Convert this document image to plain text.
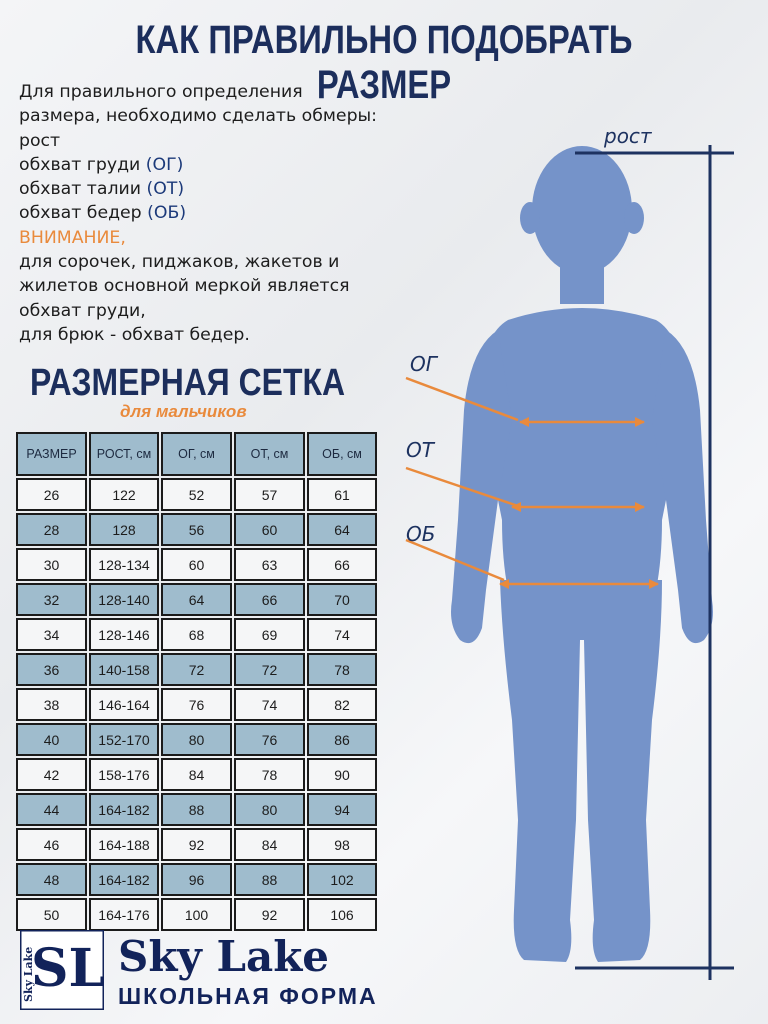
КАК ПРАВИЛЬНО ПОДОБРАТЬ РАЗМЕР
Для правильного определения
размера, необходимо сделать обмеры:
рост
обхват груди (ОГ)
обхват талии (ОТ)
обхват бедер (ОБ)
ВНИМАНИЕ,
для сорочек, пиджаков, жакетов и
жилетов основной меркой является
обхват груди,
для брюк - обхват бедер.
РАЗМЕРНАЯ СЕТКА
для мальчиков
РАЗМЕР	РОСТ, см	ОГ, см	ОТ, см	ОБ, см
26	122	52	57	61
28	128	56	60	64
30	128-134	60	63	66
32	128-140	64	66	70
34	128-146	68	69	74
36	140-158	72	72	78
38	146-164	76	74	82
40	152-170	80	76	86
42	158-176	84	78	90
44	164-182	88	80	94
46	164-188	92	84	98
48	164-182	96	88	102
50	164-176	100	92	106
рост
ОГ
ОТ
ОБ
SL
Sky Lake Sky Lake
ШКОЛЬНАЯ ФОРМА
